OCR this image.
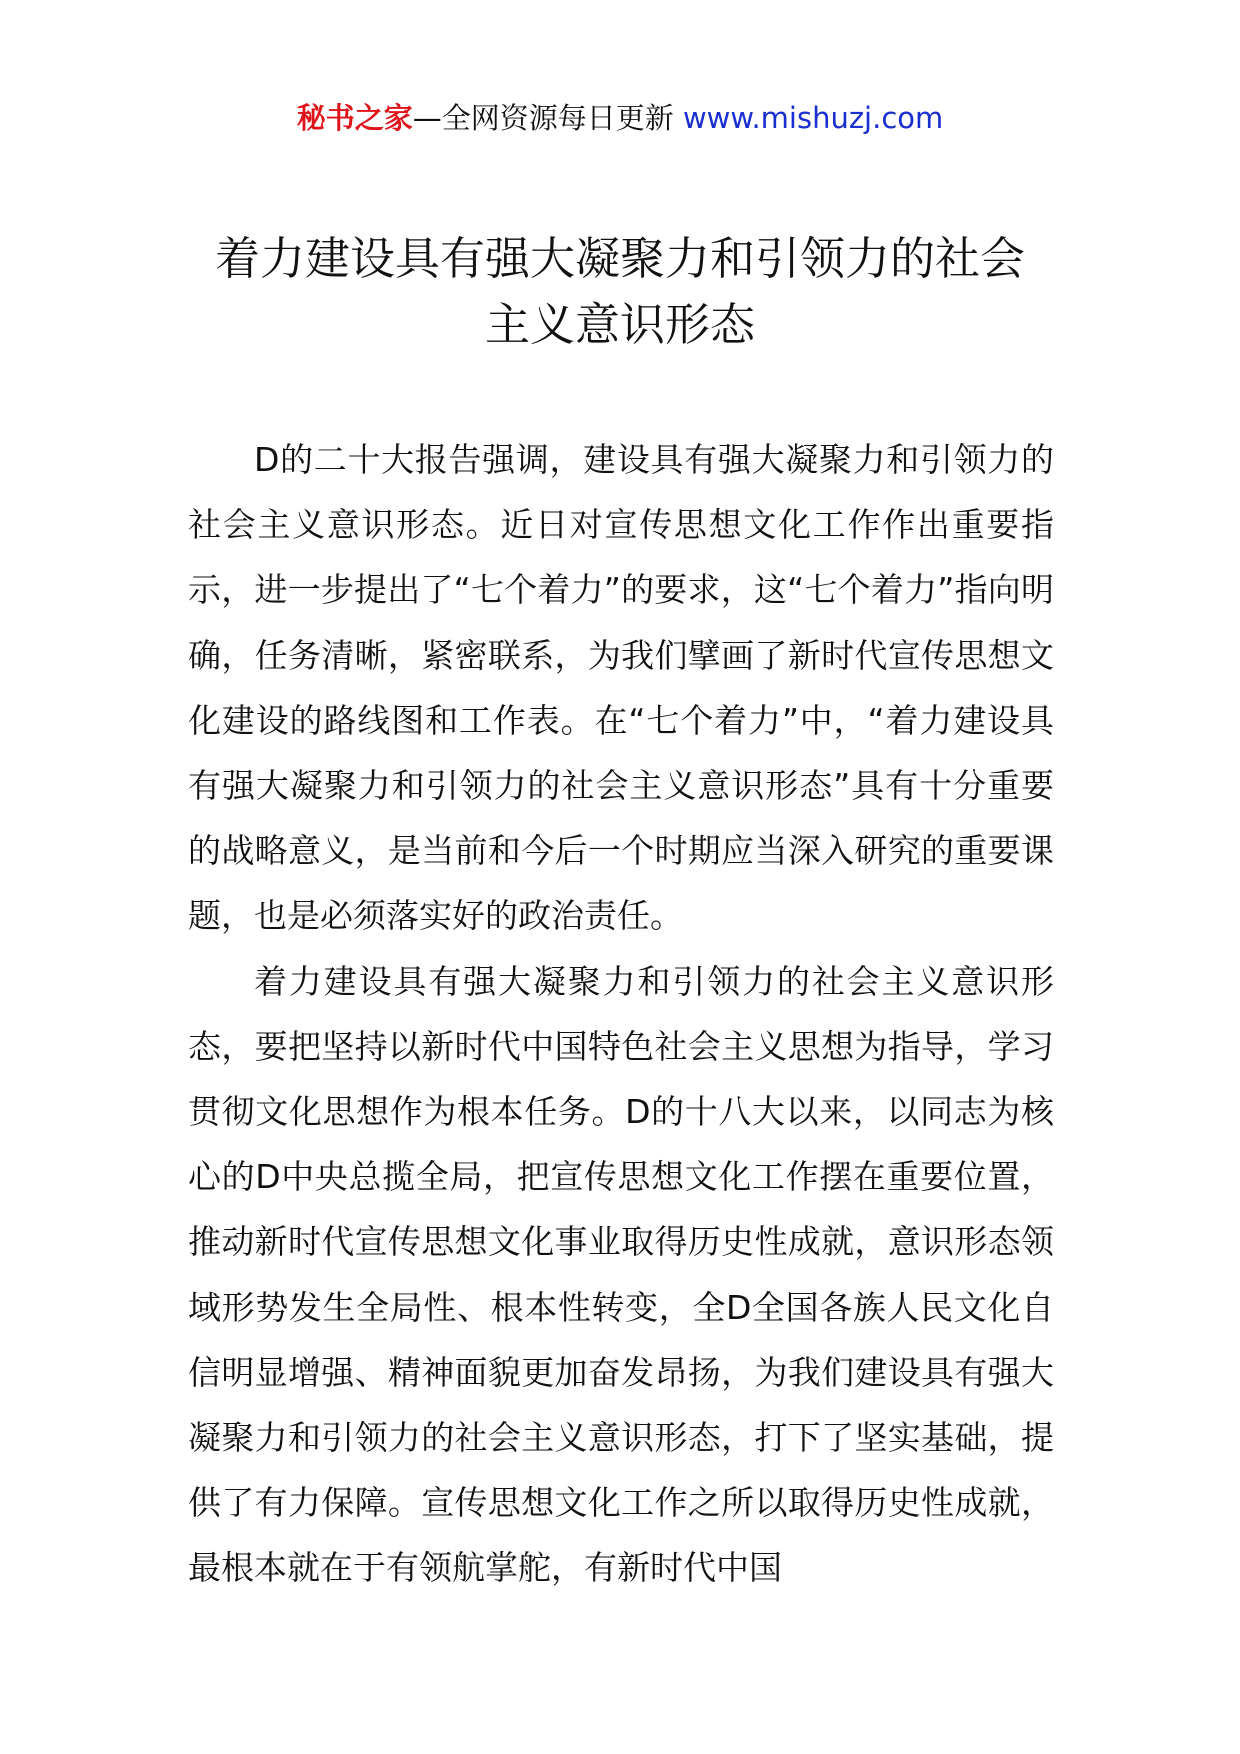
秘书之家—全网资源每日更新 www.mishuzj.com
着力建设具有强大凝聚力和引领力的社会
主义意识形态

D的二十大报告强调，建设具有强大凝聚力和引领力的社会主义意识形态。近日对宣传思想文化工作作出重要指示，进一步提出了“七个着力”的要求，这“七个着力”指向明确，任务清晰，紧密联系，为我们擘画了新时代宣传思想文化建设的路线图和工作表。在“七个着力”中，“着力建设具有强大凝聚力和引领力的社会主义意识形态”具有十分重要的战略意义，是当前和今后一个时期应当深入研究的重要课题，也是必须落实好的政治责任。

着力建设具有强大凝聚力和引领力的社会主义意识形态，要把坚持以新时代中国特色社会主义思想为指导，学习贯彻文化思想作为根本任务。D的十八大以来，以同志为核心的D中央总揽全局，把宣传思想文化工作摆在重要位置，推动新时代宣传思想文化事业取得历史性成就，意识形态领域形势发生全局性、根本性转变，全D全国各族人民文化自信明显增强、精神面貌更加奋发昂扬，为我们建设具有强大凝聚力和引领力的社会主义意识形态，打下了坚实基础，提供了有力保障。宣传思想文化工作之所以取得历史性成就，最根本就在于有领航掌舵，有新时代中国
